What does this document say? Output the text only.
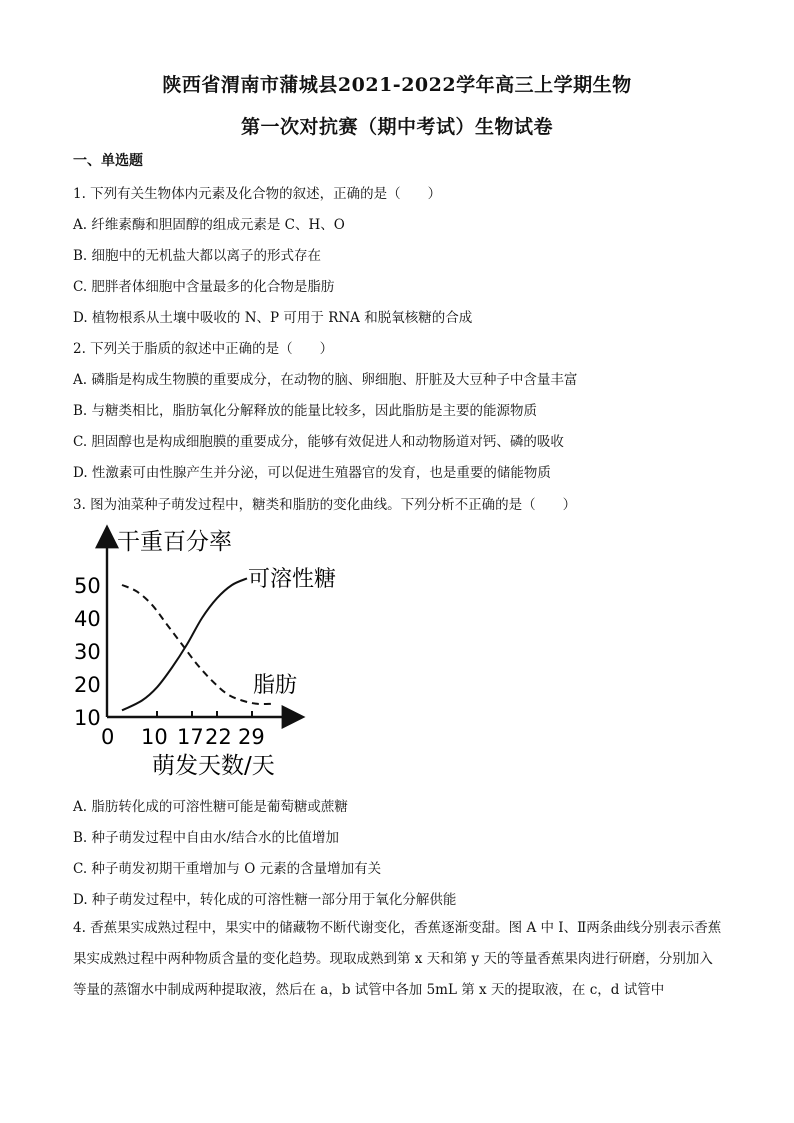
陕西省渭南市蒲城县2021-2022学年高三上学期生物
第一次对抗赛（期中考试）生物试卷
一、单选题
1. 下列有关生物体内元素及化合物的叙述，正确的是（　　）
A. 纤维素酶和胆固醇的组成元素是 C、H、O
B. 细胞中的无机盐大都以离子的形式存在
C. 肥胖者体细胞中含量最多的化合物是脂肪
D. 植物根系从土壤中吸收的 N、P 可用于 RNA 和脱氧核糖的合成
2. 下列关于脂质的叙述中正确的是（　　）
A. 磷脂是构成生物膜的重要成分，在动物的脑、卵细胞、肝脏及大豆种子中含量丰富
B. 与糖类相比，脂肪氧化分解释放的能量比较多，因此脂肪是主要的能源物质
C. 胆固醇也是构成细胞膜的重要成分，能够有效促进人和动物肠道对钙、磷的吸收
D. 性激素可由性腺产生并分泌，可以促进生殖器官的发育，也是重要的储能物质
3. 图为油菜种子萌发过程中，糖类和脂肪的变化曲线。下列分析不正确的是（　　）
干重百分率
萌发天数/天
10
20
30
40
50
0 10 17 22 29
可溶性糖
脂肪
A. 脂肪转化成的可溶性糖可能是葡萄糖或蔗糖
B. 种子萌发过程中自由水/结合水的比值增加
C. 种子萌发初期干重增加与 O 元素的含量增加有关
D. 种子萌发过程中，转化成的可溶性糖一部分用于氧化分解供能
4. 香蕉果实成熟过程中，果实中的储藏物不断代谢变化，香蕉逐渐变甜。图 A 中 Ⅰ、Ⅱ两条曲线分别表示香蕉果实成熟过程中两种物质含量的变化趋势。现取成熟到第 x 天和第 y 天的等量香蕉果肉进行研磨，分别加入等量的蒸馏水中制成两种提取液，然后在 a，b 试管中各加 5mL 第 x 天的提取液，在 c，d 试管中
